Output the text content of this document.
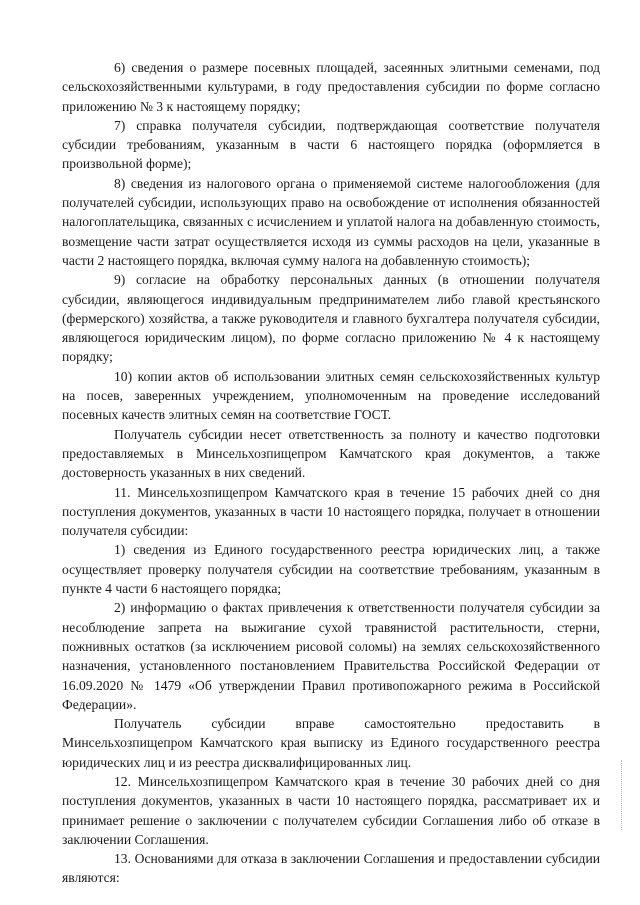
6) сведения о размере посевных площадей, засеянных элитными семенами, под сельскохозяйственными культурами, в году предоставления субсидии по форме согласно приложению № 3 к настоящему порядку;

7) справка получателя субсидии, подтверждающая соответствие получателя субсидии требованиям, указанным в части 6 настоящего порядка (оформляется в произвольной форме);

8) сведения из налогового органа о применяемой системе налогообложения (для получателей субсидии, использующих право на освобождение от исполнения обязанностей налогоплательщика, связанных с исчислением и уплатой налога на добавленную стоимость, возмещение части затрат осуществляется исходя из суммы расходов на цели, указанные в части 2 настоящего порядка, включая сумму налога на добавленную стоимость);

9) согласие на обработку персональных данных (в отношении получателя субсидии, являющегося индивидуальным предпринимателем либо главой крестьянского (фермерского) хозяйства, а также руководителя и главного бухгалтера получателя субсидии, являющегося юридическим лицом), по форме согласно приложению № 4 к настоящему порядку;

10) копии актов об использовании элитных семян сельскохозяйственных культур на посев, заверенных учреждением, уполномоченным на проведение исследований посевных качеств элитных семян на соответствие ГОСТ.

Получатель субсидии несет ответственность за полноту и качество подготовки предоставляемых в Минсельхозпищепром Камчатского края документов, а также достоверность указанных в них сведений.

11. Минсельхозпищепром Камчатского края в течение 15 рабочих дней со дня поступления документов, указанных в части 10 настоящего порядка, получает в отношении получателя субсидии:

1) сведения из Единого государственного реестра юридических лиц, а также осуществляет проверку получателя субсидии на соответствие требованиям, указанным в пункте 4 части 6 настоящего порядка;

2) информацию о фактах привлечения к ответственности получателя субсидии за несоблюдение запрета на выжигание сухой травянистой растительности, стерни, пожнивных остатков (за исключением рисовой соломы) на землях сельскохозяйственного назначения, установленного постановлением Правительства Российской Федерации от 16.09.2020 № 1479 «Об утверждении Правил противопожарного режима в Российской Федерации».

Получатель субсидии вправе самостоятельно предоставить в Минсельхозпищепром Камчатского края выписку из Единого государственного реестра юридических лиц и из реестра дисквалифицированных лиц.

12. Минсельхозпищепром Камчатского края в течение 30 рабочих дней со дня поступления документов, указанных в части 10 настоящего порядка, рассматривает их и принимает решение о заключении с получателем субсидии Соглашения либо об отказе в заключении Соглашения.

13. Основаниями для отказа в заключении Соглашения и предоставлении субсидии являются:
